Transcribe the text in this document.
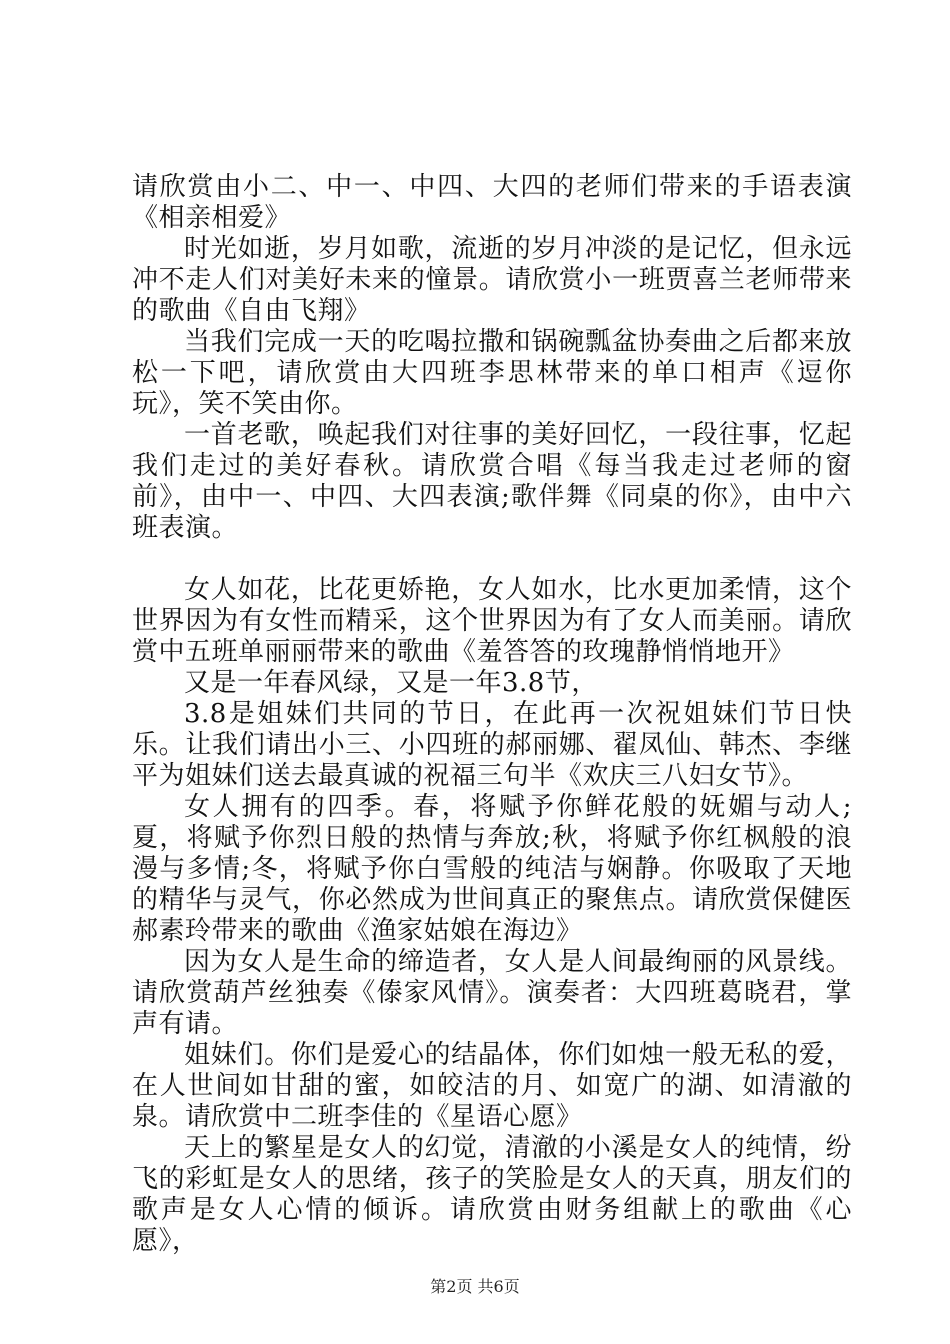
请欣赏由小二、中一、中四、大四的老师们带来的手语表演《相亲相爱》

时光如逝，岁月如歌，流逝的岁月冲淡的是记忆，但永远冲不走人们对美好未来的憧景。请欣赏小一班贾喜兰老师带来的歌曲《自由飞翔》

当我们完成一天的吃喝拉撒和锅碗瓢盆协奏曲之后都来放松一下吧，请欣赏由大四班李思林带来的单口相声《逗你玩》，笑不笑由你。

一首老歌，唤起我们对往事的美好回忆，一段往事，忆起我们走过的美好春秋。请欣赏合唱《每当我走过老师的窗前》，由中一、中四、大四表演;歌伴舞《同桌的你》，由中六班表演。

女人如花，比花更娇艳，女人如水，比水更加柔情，这个世界因为有女性而精采，这个世界因为有了女人而美丽。请欣赏中五班单丽丽带来的歌曲《羞答答的玫瑰静悄悄地开》

又是一年春风绿，又是一年3.8节，

3.8是姐妹们共同的节日，在此再一次祝姐妹们节日快乐。让我们请出小三、小四班的郝丽娜、翟凤仙、韩杰、李继平为姐妹们送去最真诚的祝福三句半《欢庆三八妇女节》。

女人拥有的四季。春，将赋予你鲜花般的妩媚与动人;夏，将赋予你烈日般的热情与奔放;秋，将赋予你红枫般的浪漫与多情;冬，将赋予你白雪般的纯洁与娴静。你吸取了天地的精华与灵气，你必然成为世间真正的聚焦点。请欣赏保健医郝素玲带来的歌曲《渔家姑娘在海边》

因为女人是生命的缔造者，女人是人间最绚丽的风景线。请欣赏葫芦丝独奏《傣家风情》。演奏者：大四班葛晓君，掌声有请。

姐妹们。你们是爱心的结晶体，你们如烛一般无私的爱，在人世间如甘甜的蜜，如皎洁的月、如宽广的湖、如清澈的泉。请欣赏中二班李佳的《星语心愿》

天上的繁星是女人的幻觉，清澈的小溪是女人的纯情，纷飞的彩虹是女人的思绪，孩子的笑脸是女人的天真，朋友们的歌声是女人心情的倾诉。请欣赏由财务组献上的歌曲《心愿》，

第2页 共6页
